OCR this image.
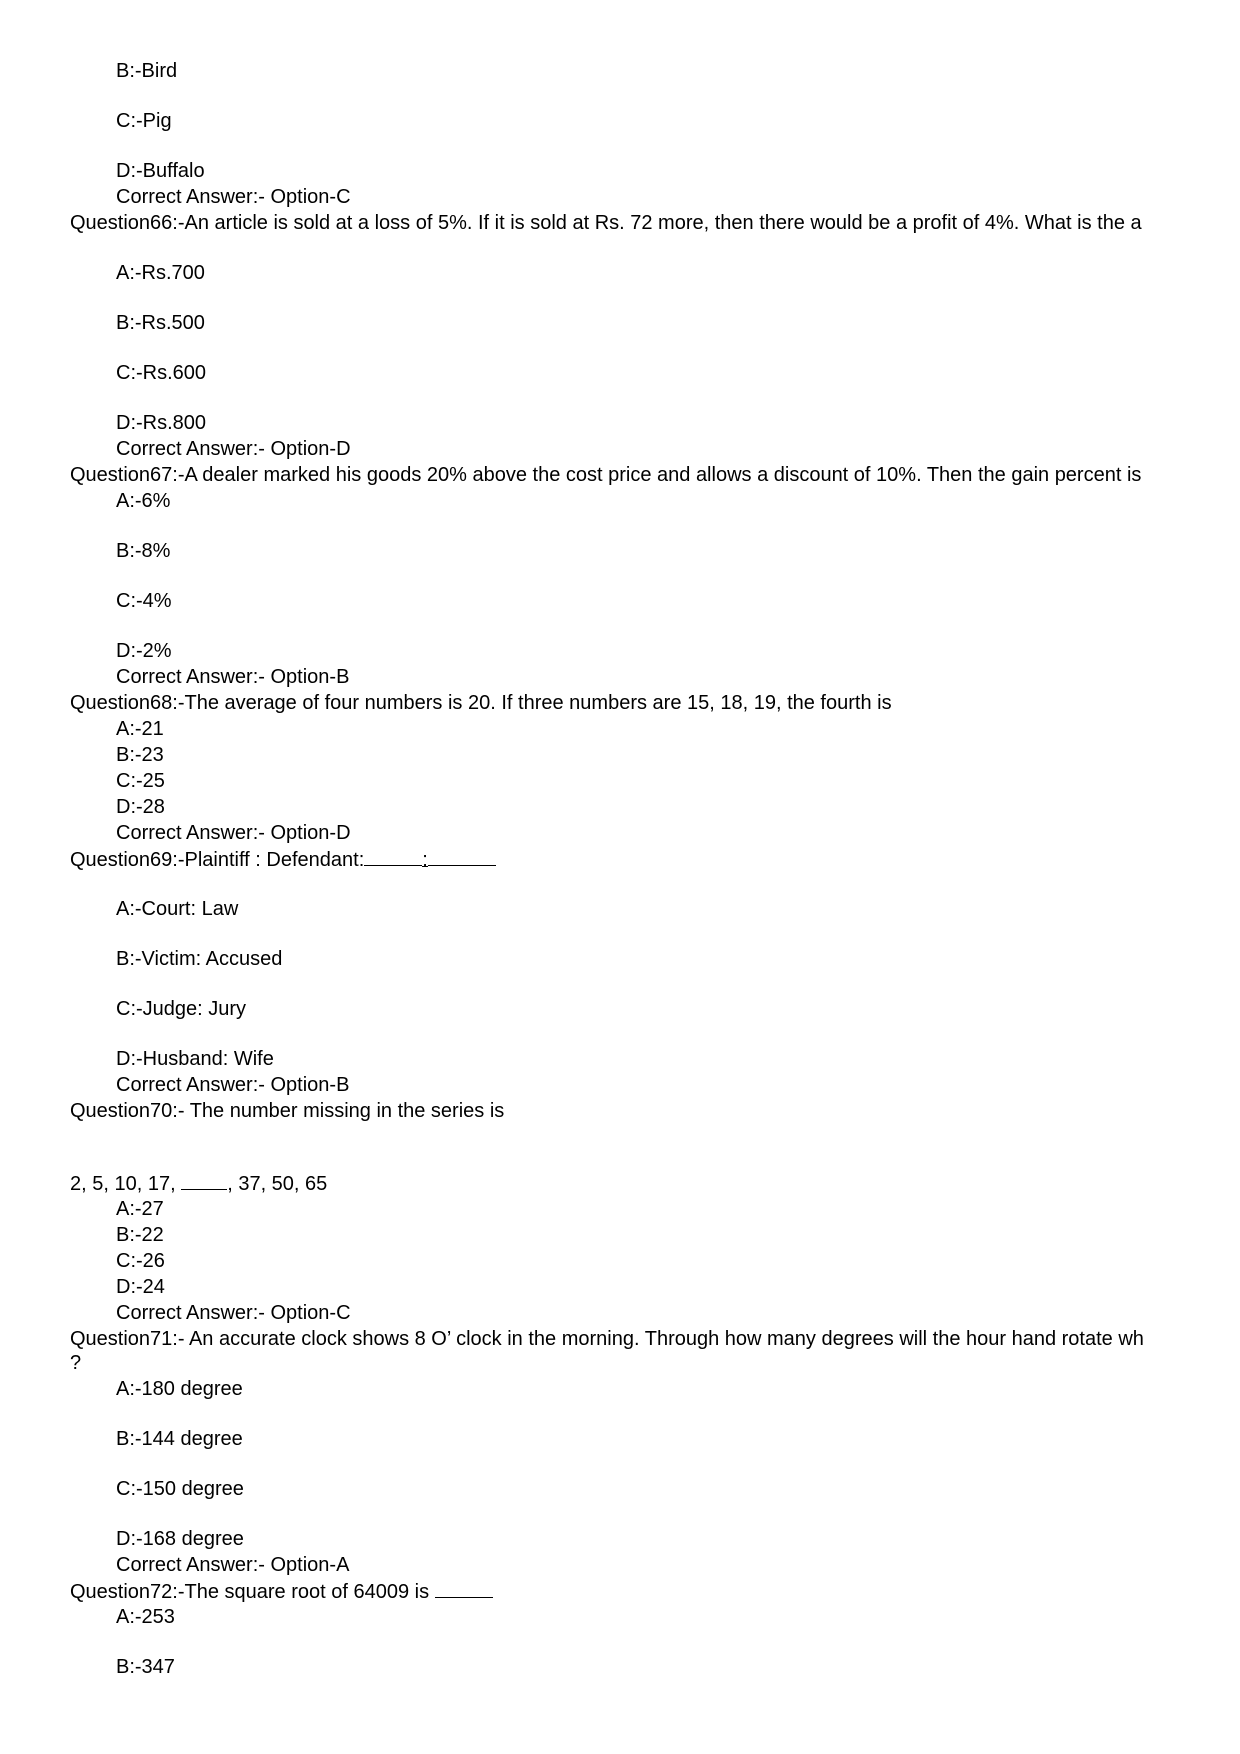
B:-Bird
C:-Pig
D:-Buffalo
Correct Answer:- Option-C
Question66:-An article is sold at a loss of 5%. If it is sold at Rs. 72 more, then there would be a profit of 4%. What is the a
A:-Rs.700
B:-Rs.500
C:-Rs.600
D:-Rs.800
Correct Answer:- Option-D
Question67:-A dealer marked his goods 20% above the cost price and allows a discount of 10%. Then the gain percent is
A:-6%
B:-8%
C:-4%
D:-2%
Correct Answer:- Option-B
Question68:-The average of four numbers is 20. If three numbers are 15, 18, 19, the fourth is
A:-21
B:-23
C:-25
D:-28
Correct Answer:- Option-D
Question69:-Plaintiff : Defendant:	:
A:-Court: Law
B:-Victim: Accused
C:-Judge: Jury
D:-Husband: Wife
Correct Answer:- Option-B
Question70:- The number missing in the series is
2, 5, 10, 17, , 37, 50, 65
A:-27
B:-22
C:-26
D:-24
Correct Answer:- Option-C
Question71:- An accurate clock shows 8 O’ clock in the morning. Through how many degrees will the hour hand rotate wh
?
A:-180 degree
B:-144 degree
C:-150 degree
D:-168 degree
Correct Answer:- Option-A
Question72:-The square root of 64009 is
A:-253
B:-347
